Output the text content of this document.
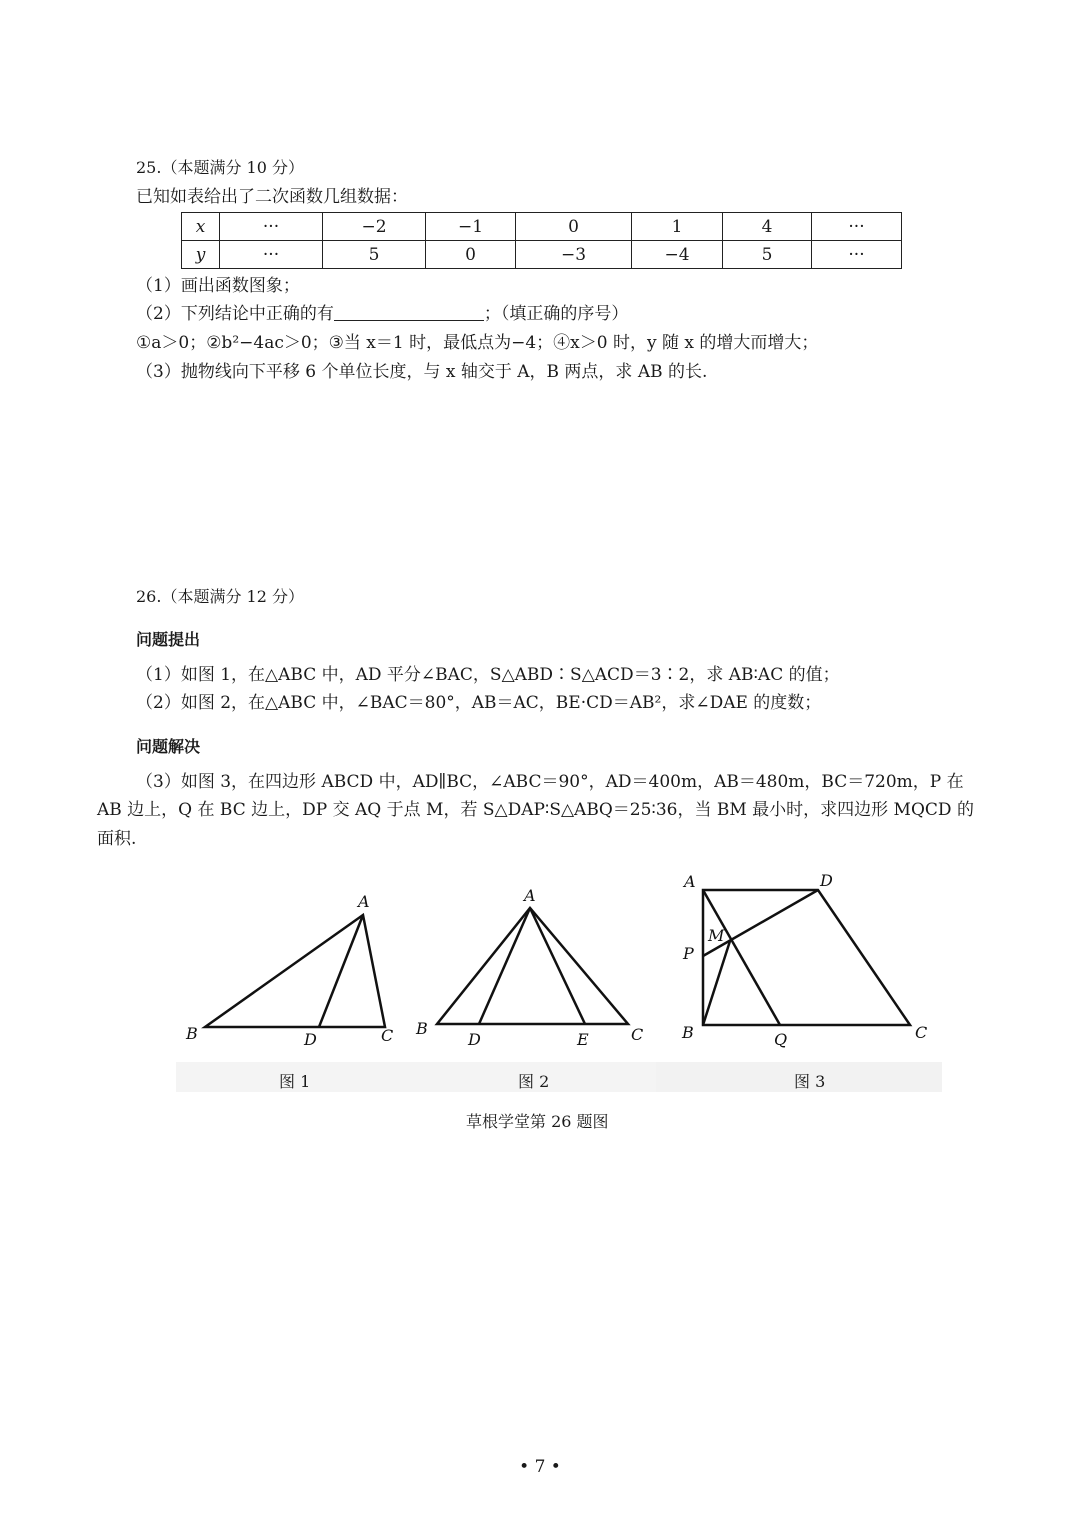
25.（本题满分 10 分）
已知如表给出了二次函数几组数据：
x	···	−2	−1	0	1	4	···
y	···	5	0	−3	−4	5	···
（1）画出函数图象；
（2）下列结论中正确的有	；（填正确的序号）
①a＞0；②b²−4ac＞0；③当 x＝1 时，最低点为−4；④x＞0 时，y 随 x 的增大而增大；
（3）抛物线向下平移 6 个单位长度，与 x 轴交于 A，B 两点，求 AB 的长.
26.（本题满分 12 分）
问题提出
（1）如图 1，在△ABC 中，AD 平分∠BAC，S△ABD∶S△ACD＝3∶2，求 AB∶AC 的值；
（2）如图 2，在△ABC 中，∠BAC＝80°，AB＝AC，BE·CD＝AB²，求∠DAE 的度数；
问题解决
（3）如图 3，在四边形 ABCD 中，AD∥BC，∠ABC＝90°，AD＝400m，AB＝480m，BC＝720m，P 在
AB 边上，Q 在 BC 边上，DP 交 AQ 于点 M，若 S△DAP∶S△ABQ＝25∶36，当 BM 最小时，求四边形 MQCD 的
面积.
A
B	C
D
A
B	C
D	E
A	D
M
P
B	Q	C
图 1	图 2	图 3
草根学堂第 26 题图
• 7 •
